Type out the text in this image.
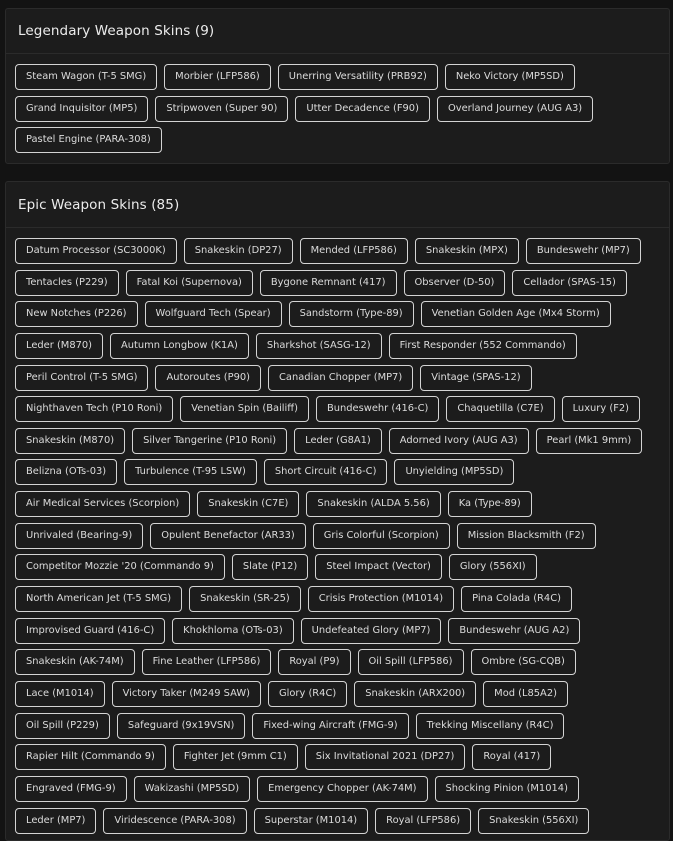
Legendary Weapon Skins (9)
Steam Wagon (T-5 SMG)	Morbier (LFP586)	Unerring Versatility (PRB92)	Neko Victory (MP5SD)
Grand Inquisitor (MP5)	Stripwoven (Super 90)	Utter Decadence (F90)	Overland Journey (AUG A3)
Pastel Engine (PARA-308)
Epic Weapon Skins (85)
Datum Processor (SC3000K)	Snakeskin (DP27)	Mended (LFP586)	Snakeskin (MPX)	Bundeswehr (MP7)
Tentacles (P229)	Fatal Koi (Supernova)	Bygone Remnant (417)	Observer (D-50)	Cellador (SPAS-15)
New Notches (P226)	Wolfguard Tech (Spear)	Sandstorm (Type-89)	Venetian Golden Age (Mx4 Storm)
Leder (M870)	Autumn Longbow (K1A)	Sharkshot (SASG-12)	First Responder (552 Commando)
Peril Control (T-5 SMG)	Autoroutes (P90)	Canadian Chopper (MP7)	Vintage (SPAS-12)
Nighthaven Tech (P10 Roni)	Venetian Spin (Bailiff)	Bundeswehr (416-C)	Chaquetilla (C7E)	Luxury (F2)
Snakeskin (M870)	Silver Tangerine (P10 Roni)	Leder (G8A1)	Adorned Ivory (AUG A3)	Pearl (Mk1 9mm)
Belizna (OTs-03)	Turbulence (T-95 LSW)	Short Circuit (416-C)	Unyielding (MP5SD)
Air Medical Services (Scorpion)	Snakeskin (C7E)	Snakeskin (ALDA 5.56)	Ka (Type-89)
Unrivaled (Bearing-9)	Opulent Benefactor (AR33)	Gris Colorful (Scorpion)	Mission Blacksmith (F2)
Competitor Mozzie '20 (Commando 9)	Slate (P12)	Steel Impact (Vector)	Glory (556XI)
North American Jet (T-5 SMG)	Snakeskin (SR-25)	Crisis Protection (M1014)	Pina Colada (R4C)
Improvised Guard (416-C)	Khokhloma (OTs-03)	Undefeated Glory (MP7)	Bundeswehr (AUG A2)
Snakeskin (AK-74M)	Fine Leather (LFP586)	Royal (P9)	Oil Spill (LFP586)	Ombre (SG-CQB)
Lace (M1014)	Victory Taker (M249 SAW)	Glory (R4C)	Snakeskin (ARX200)	Mod (L85A2)
Oil Spill (P229)	Safeguard (9x19VSN)	Fixed-wing Aircraft (FMG-9)	Trekking Miscellany (R4C)
Rapier Hilt (Commando 9)	Fighter Jet (9mm C1)	Six Invitational 2021 (DP27)	Royal (417)
Engraved (FMG-9)	Wakizashi (MP5SD)	Emergency Chopper (AK-74M)	Shocking Pinion (M1014)
Leder (MP7)	Viridescence (PARA-308)	Superstar (M1014)	Royal (LFP586)	Snakeskin (556XI)
